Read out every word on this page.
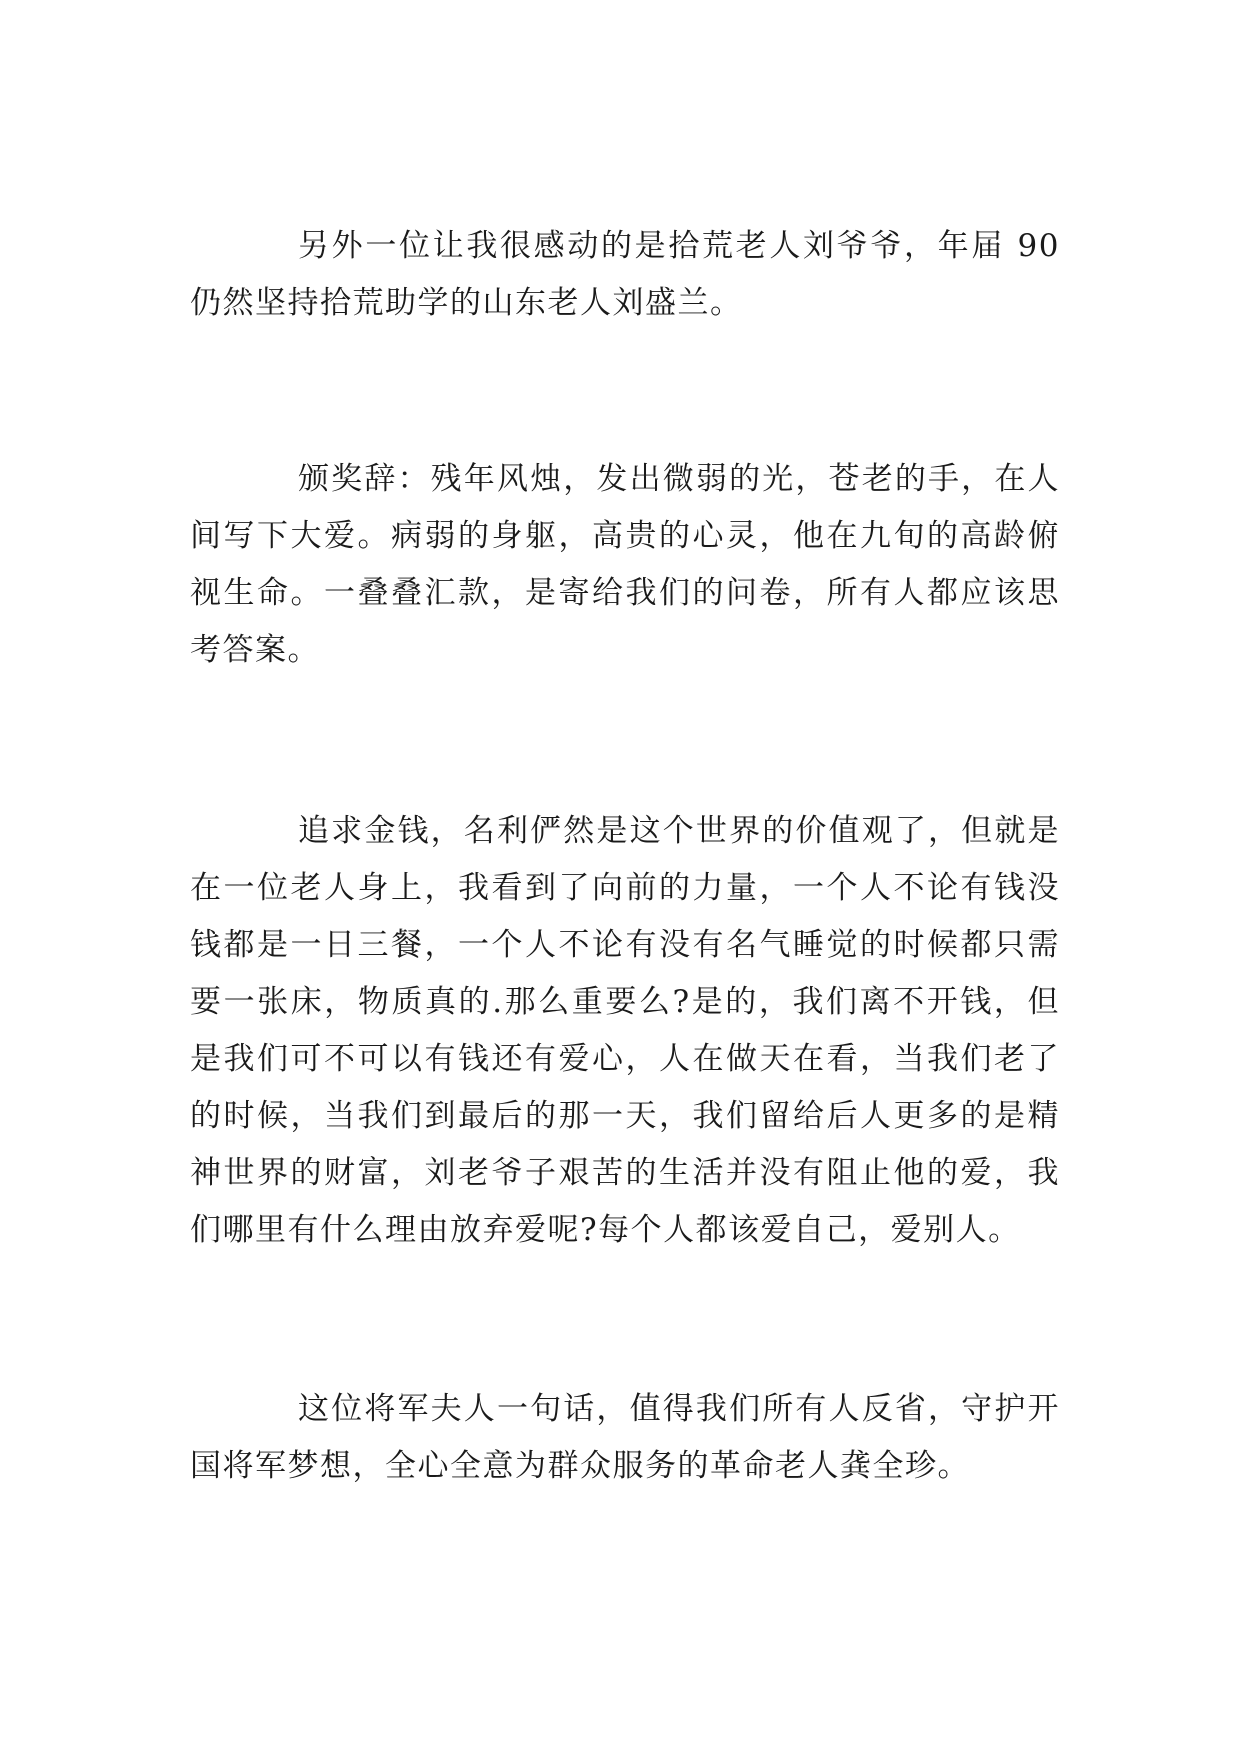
另外一位让我很感动的是拾荒老人刘爷爷，年届 90
仍然坚持拾荒助学的山东老人刘盛兰。
颁奖辞：残年风烛，发出微弱的光，苍老的手，在人
间写下大爱。病弱的身躯，高贵的心灵，他在九旬的高龄俯
视生命。一叠叠汇款，是寄给我们的问卷，所有人都应该思
考答案。
追求金钱，名利俨然是这个世界的价值观了，但就是
在一位老人身上，我看到了向前的力量，一个人不论有钱没
钱都是一日三餐，一个人不论有没有名气睡觉的时候都只需
要一张床，物质真的.那么重要么?是的，我们离不开钱，但
是我们可不可以有钱还有爱心，人在做天在看，当我们老了
的时候，当我们到最后的那一天，我们留给后人更多的是精
神世界的财富，刘老爷子艰苦的生活并没有阻止他的爱，我
们哪里有什么理由放弃爱呢?每个人都该爱自己，爱别人。
这位将军夫人一句话，值得我们所有人反省，守护开
国将军梦想，全心全意为群众服务的革命老人龚全珍。
